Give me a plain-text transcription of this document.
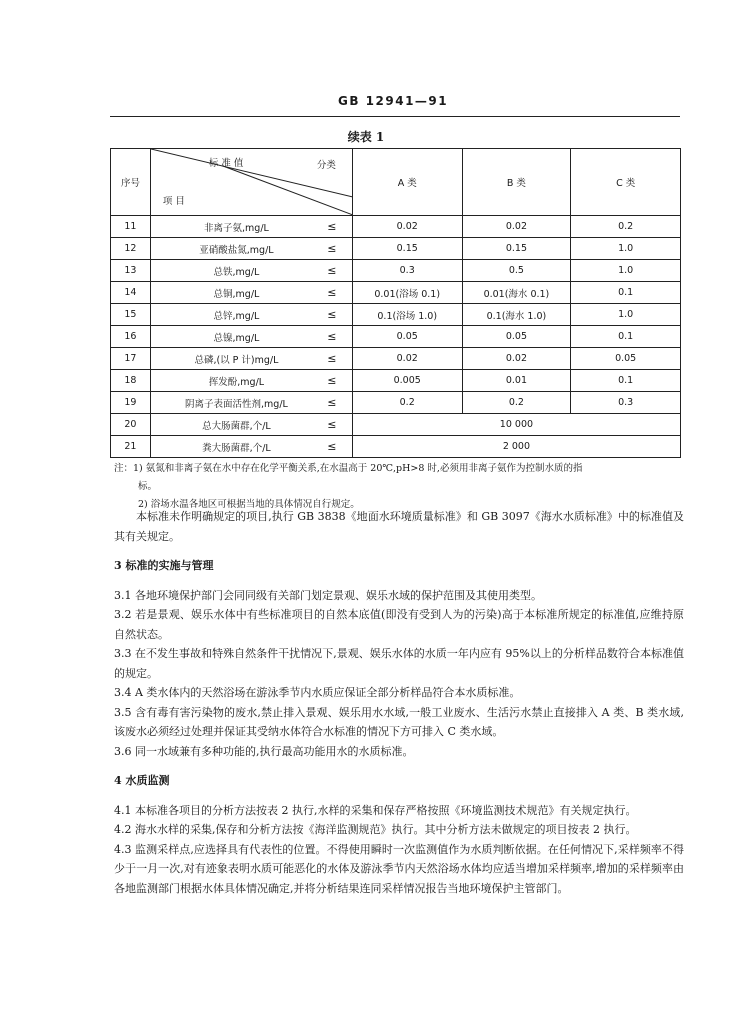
GB 12941—91
续表 1
序号	标 准 值 分类
项 目		A 类	B 类	C 类
11	非离子氨,mg/L	≤	0.02	0.02	0.2
12	亚硝酸盐氮,mg/L	≤	0.15	0.15	1.0
13	总铁,mg/L	≤	0.3	0.5	1.0
14	总铜,mg/L	≤	0.01(浴场 0.1)	0.01(海水 0.1)	0.1
15	总锌,mg/L	≤	0.1(浴场 1.0)	0.1(海水 1.0)	1.0
16	总镍,mg/L	≤	0.05	0.05	0.1
17	总磷,(以 P 计)mg/L	≤	0.02	0.02	0.05
18	挥发酚,mg/L	≤	0.005	0.01	0.1
19	阴离子表面活性剂,mg/L	≤	0.2	0.2	0.3
20	总大肠菌群,个/L	≤	10 000		
21	粪大肠菌群,个/L	≤	2 000		

注：1) 氨氮和非离子氨在水中存在化学平衡关系,在水温高于 20℃,pH>8 时,必须用非离子氨作为控制水质的指

标。

2) 浴场水温各地区可根据当地的具体情况自行规定。

本标准未作明确规定的项目,执行 GB 3838《地面水环境质量标准》和 GB 3097《海水水质标准》中的标准值及其有关规定。

3 标准的实施与管理

3.1 各地环境保护部门会同同级有关部门划定景观、娱乐水域的保护范围及其使用类型。

3.2 若是景观、娱乐水体中有些标准项目的自然本底值(即没有受到人为的污染)高于本标准所规定的标准值,应维持原自然状态。

3.3 在不发生事故和特殊自然条件干扰情况下,景观、娱乐水体的水质一年内应有 95%以上的分析样品数符合本标准值的规定。

3.4 A 类水体内的天然浴场在游泳季节内水质应保证全部分析样品符合本水质标准。

3.5 含有毒有害污染物的废水,禁止排入景观、娱乐用水水域,一般工业废水、生活污水禁止直接排入 A 类、B 类水域,该废水必须经过处理并保证其受纳水体符合水标准的情况下方可排入 C 类水域。

3.6 同一水域兼有多种功能的,执行最高功能用水的水质标准。

4 水质监测

4.1 本标准各项目的分析方法按表 2 执行,水样的采集和保存严格按照《环境监测技术规范》有关规定执行。

4.2 海水水样的采集,保存和分析方法按《海洋监测规范》执行。其中分析方法未做规定的项目按表 2 执行。

4.3 监测采样点,应选择具有代表性的位置。不得使用瞬时一次监测值作为水质判断依据。在任何情况下,采样频率不得少于一月一次,对有迹象表明水质可能恶化的水体及游泳季节内天然浴场水体均应适当增加采样频率,增加的采样频率由各地监测部门根据水体具体情况确定,并将分析结果连同采样情况报告当地环境保护主管部门。
